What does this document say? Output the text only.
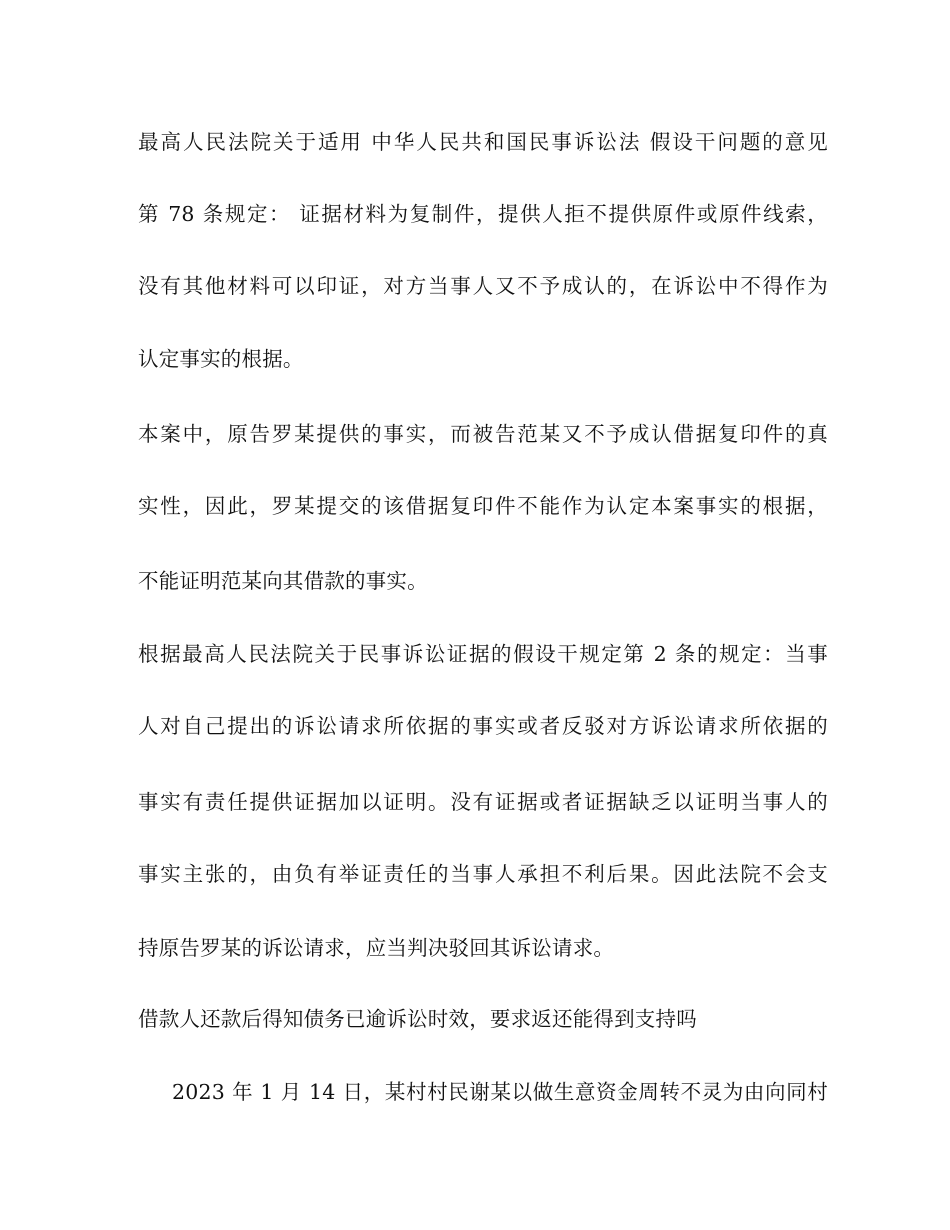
最高人民法院关于适用 中华人民共和国民事诉讼法 假设干问题的意见
第 78 条规定： 证据材料为复制件，提供人拒不提供原件或原件线索，
没有其他材料可以印证，对方当事人又不予成认的，在诉讼中不得作为
认定事实的根据。
本案中，原告罗某提供的事实，而被告范某又不予成认借据复印件的真
实性，因此，罗某提交的该借据复印件不能作为认定本案事实的根据，
不能证明范某向其借款的事实。
根据最高人民法院关于民事诉讼证据的假设干规定第 2 条的规定：当事
人对自己提出的诉讼请求所依据的事实或者反驳对方诉讼请求所依据的
事实有责任提供证据加以证明。没有证据或者证据缺乏以证明当事人的
事实主张的，由负有举证责任的当事人承担不利后果。因此法院不会支
持原告罗某的诉讼请求，应当判决驳回其诉讼请求。
借款人还款后得知债务已逾诉讼时效，要求返还能得到支持吗
2023 年 1 月 14 日，某村村民谢某以做生意资金周转不灵为由向同村
